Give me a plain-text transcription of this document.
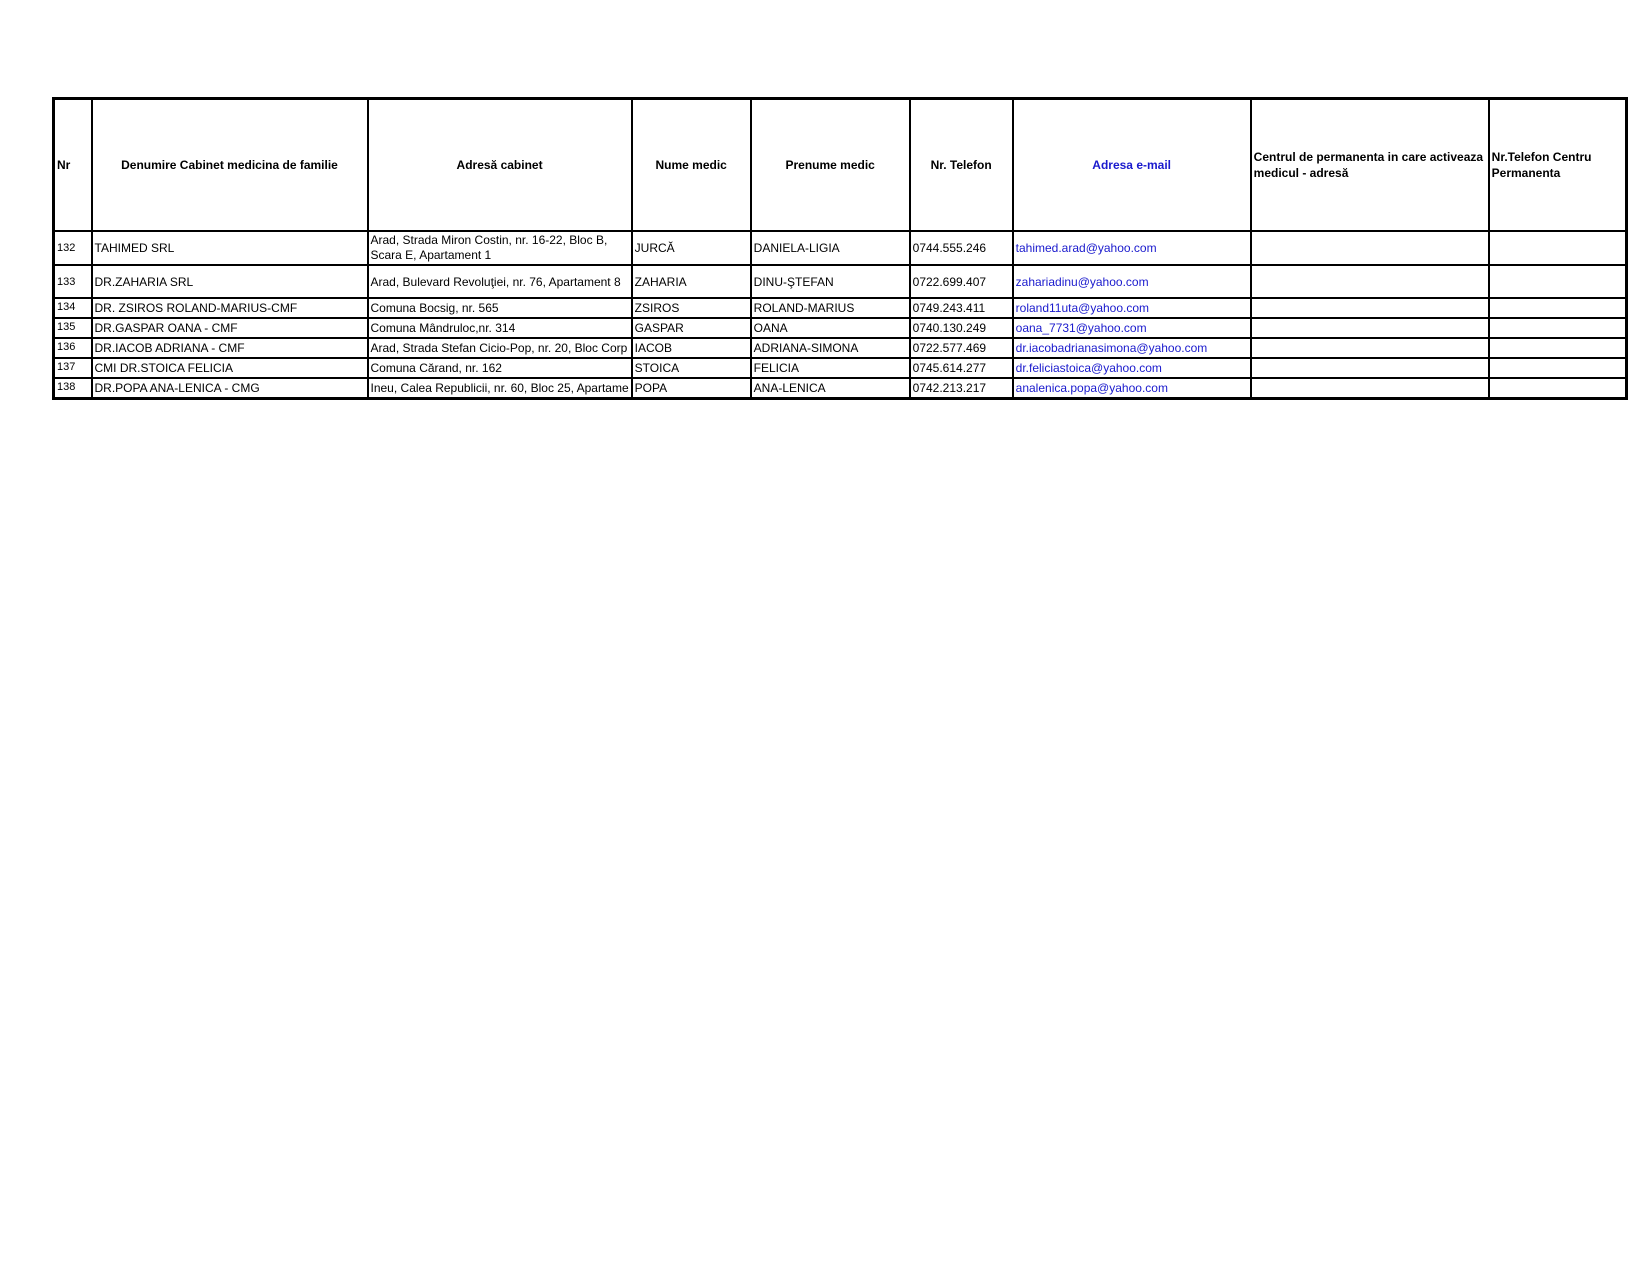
Nr	Denumire Cabinet medicina de familie	Adresă cabinet	Nume medic	Prenume medic	Nr. Telefon	Adresa e-mail	Centrul de permanenta in care activeaza medicul - adresă	Nr.Telefon Centru Permanenta
132	TAHIMED SRL	Arad, Strada Miron Costin, nr. 16-22, Bloc B, Scara E, Apartament 1	JURCĂ	DANIELA-LIGIA	0744.555.246	tahimed.arad@yahoo.com		
133	DR.ZAHARIA SRL	Arad, Bulevard Revoluţiei, nr. 76, Apartament 8	ZAHARIA	DINU-ŞTEFAN	0722.699.407	zahariadinu@yahoo.com		
134	DR. ZSIROS ROLAND-MARIUS-CMF	Comuna Bocsig, nr. 565	ZSIROS	ROLAND-MARIUS	0749.243.411	roland11uta@yahoo.com		
135	DR.GASPAR OANA - CMF	Comuna Mândruloc,nr. 314	GASPAR	OANA	0740.130.249	oana_7731@yahoo.com		
136	DR.IACOB ADRIANA - CMF	Arad, Strada Stefan Cicio-Pop, nr. 20, Bloc Corp	IACOB	ADRIANA-SIMONA	0722.577.469	dr.iacobadrianasimona@yahoo.com		
137	CMI DR.STOICA FELICIA	Comuna Cărand, nr. 162	STOICA	FELICIA	0745.614.277	dr.feliciastoica@yahoo.com		
138	DR.POPA ANA-LENICA - CMG	Ineu, Calea Republicii, nr. 60, Bloc 25, Apartame	POPA	ANA-LENICA	0742.213.217	analenica.popa@yahoo.com		
